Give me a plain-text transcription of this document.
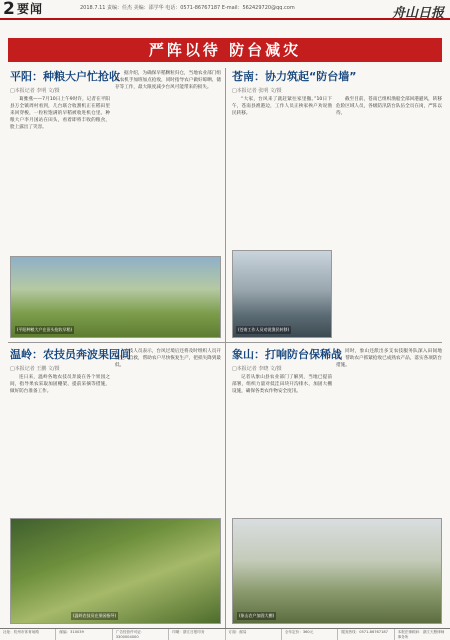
2 要闻	2018.7.11 责编：任杰 美编：邵学华 电话：0571-86767187 E-mail：562429720@qq.com	舟山日报
严阵以待 防台减灾
平阳：种粮大户忙抢收
□本报记者 李明 文/摄

葛雅燕——7月10日上午9时许，记者在平阳县万全镇周村看到，几台联合收割机正在稻田里来回穿梭，一粒粒饱满的早稻被收进机仓里。种粮大户李月国站在田头，看着即将丰收的粮食，脸上露出了笑容。

据介绍，为确保早稻颗粒归仓，当地农业部门组织农机手加班加点抢收，同时指导农户做好晾晒、储存等工作，最大限度减少台风可能带来的损失。

(平阳种粮大户在田头抢收早稻)
苍南：协力筑起“防台墙”
□本报记者 张明 文/摄

“大家，台风来了就赶紧往家里撤。”10日下午，苍南县渔港边，工作人员正挨家挨户劝说渔民转移。

截至目前，苍南已组织渔船全部回港避风，转移危险区域人员，各级防汛防台队伍全员在岗，严阵以待。

(苍南工作人员劝说渔民转移)
温岭：农技员奔波果园间
□本报记者 王鹏 文/摄

连日来，温岭各地农技员奔波在各个果园之间，指导果农采取加固棚架、提前采摘等措施，做好防台准备工作。

农技人员表示，台风过境后还将及时组织人员开展生产自救，帮助农户尽快恢复生产，把损失降到最低。

(温岭农技员在果园指导)
象山：打响防台保稀战
□本报记者 李晓 文/摄

记者从象山县农业部门了解到，当地已提前部署，组织力量对低洼田块开沟排水，加固大棚设施，确保各类农作物安全度汛。

同时，象山还派出多支农技服务队深入田间地头，帮助农户抓紧抢收已成熟农产品，落实各项防台措施。

(象山农户加固大棚)
社址：杭州市体育场路	邮编：310039	广告经营许可证：3300004000
印刷：浙江日报印务	订阅：邮局	全年定价：360元	服务热线：0571-86767187	本报法律顾问：浙江天册律师事务所
